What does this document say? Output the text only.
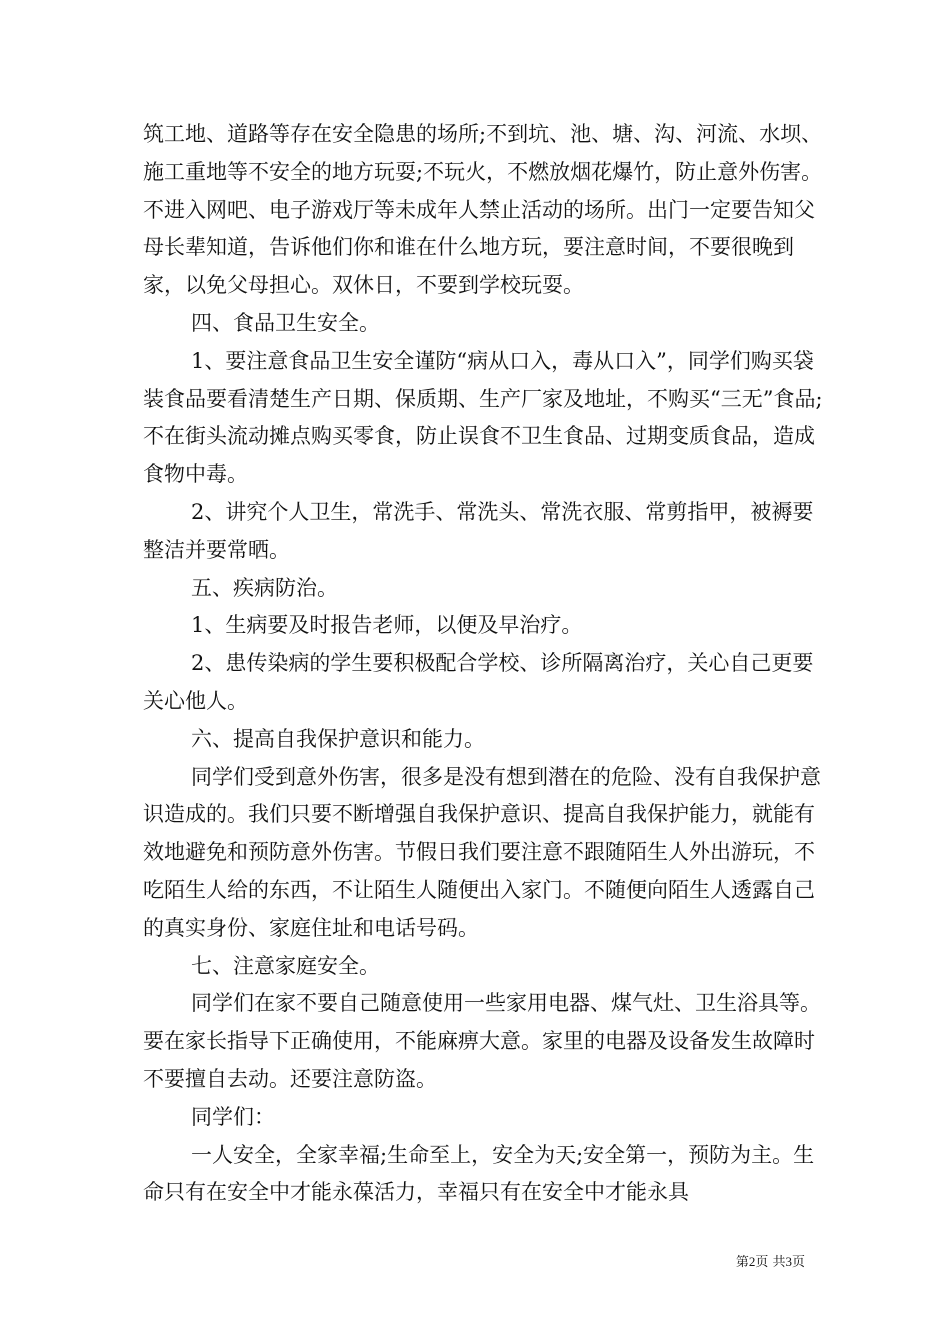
筑工地、道路等存在安全隐患的场所;不到坑、池、塘、沟、河流、水坝、施工重地等不安全的地方玩耍;不玩火，不燃放烟花爆竹，防止意外伤害。不进入网吧、电子游戏厅等未成年人禁止活动的场所。出门一定要告知父母长辈知道，告诉他们你和谁在什么地方玩，要注意时间，不要很晚到家，以免父母担心。双休日，不要到学校玩耍。

四、食品卫生安全。

1、要注意食品卫生安全谨防“病从口入，毒从口入”，同学们购买袋装食品要看清楚生产日期、保质期、生产厂家及地址，不购买“三无”食品;不在街头流动摊点购买零食，防止误食不卫生食品、过期变质食品，造成食物中毒。

2、讲究个人卫生，常洗手、常洗头、常洗衣服、常剪指甲，被褥要整洁并要常晒。

五、疾病防治。

1、生病要及时报告老师，以便及早治疗。

2、患传染病的学生要积极配合学校、诊所隔离治疗，关心自己更要关心他人。

六、提高自我保护意识和能力。

同学们受到意外伤害，很多是没有想到潜在的危险、没有自我保护意识造成的。我们只要不断增强自我保护意识、提高自我保护能力，就能有效地避免和预防意外伤害。节假日我们要注意不跟随陌生人外出游玩，不吃陌生人给的东西，不让陌生人随便出入家门。不随便向陌生人透露自己的真实身份、家庭住址和电话号码。

七、注意家庭安全。

同学们在家不要自己随意使用一些家用电器、煤气灶、卫生浴具等。要在家长指导下正确使用，不能麻痹大意。家里的电器及设备发生故障时不要擅自去动。还要注意防盗。

同学们：

一人安全，全家幸福;生命至上，安全为天;安全第一，预防为主。生命只有在安全中才能永葆活力，幸福只有在安全中才能永具

第2页 共3页
